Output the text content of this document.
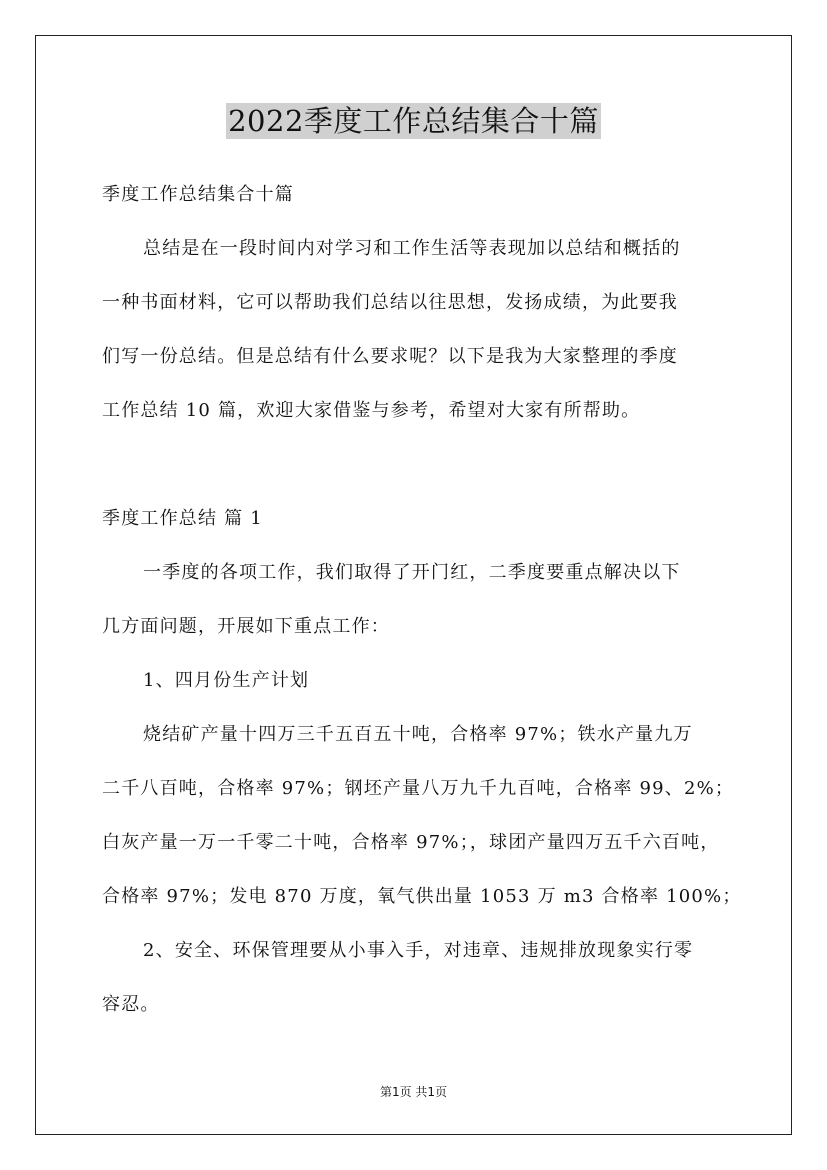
2022季度工作总结集合十篇
季度工作总结集合十篇
总结是在一段时间内对学习和工作生活等表现加以总结和概括的
一种书面材料，它可以帮助我们总结以往思想，发扬成绩，为此要我
们写一份总结。但是总结有什么要求呢？以下是我为大家整理的季度
工作总结 10 篇，欢迎大家借鉴与参考，希望对大家有所帮助。
季度工作总结 篇 1
一季度的各项工作，我们取得了开门红，二季度要重点解决以下
几方面问题，开展如下重点工作：
1、四月份生产计划
烧结矿产量十四万三千五百五十吨，合格率 97%；铁水产量九万
二千八百吨，合格率 97%；钢坯产量八万九千九百吨，合格率 99、2%；
白灰产量一万一千零二十吨，合格率 97%；，球团产量四万五千六百吨，
合格率 97%；发电 870 万度，氧气供出量 1053 万 m3 合格率 100%；
2、安全、环保管理要从小事入手，对违章、违规排放现象实行零
容忍。
第1页 共1页
